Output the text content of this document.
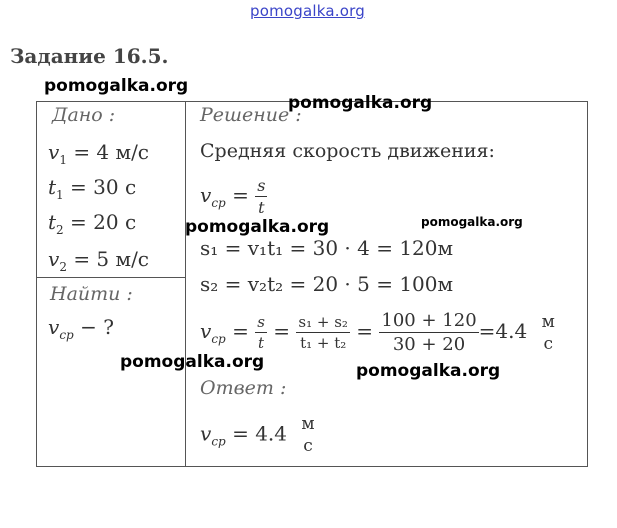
pomogalka.org
Задание 16.5.
Дано :
$v_1 = 4$ м/с
$t_1 = 30$ с
$t_2 = 20$ с
$v_2 = 5$ м/с
Найти :
$v_{ср}$ − ?
Решение :
Средняя скорость движения:
$v_{ср} = \frac{s}{t}$
s₁ = v₁t₁ = 30 · 4 = 120м
s₂ = v₂t₂ = 20 · 5 = 100м
$v_{ср} = \frac{s}{t} = \frac{\text{s₁ + s₂}}{\text{t₁ + t₂}} = \frac{100 + 120}{30 + 20} =4.4$ м
с
Ответ :
$v_{ср} = 4.4$ м
с
pomogalka.org
pomogalka.org
pomogalka.org	pomogalka.org
pomogalka.org	pomogalka.org
